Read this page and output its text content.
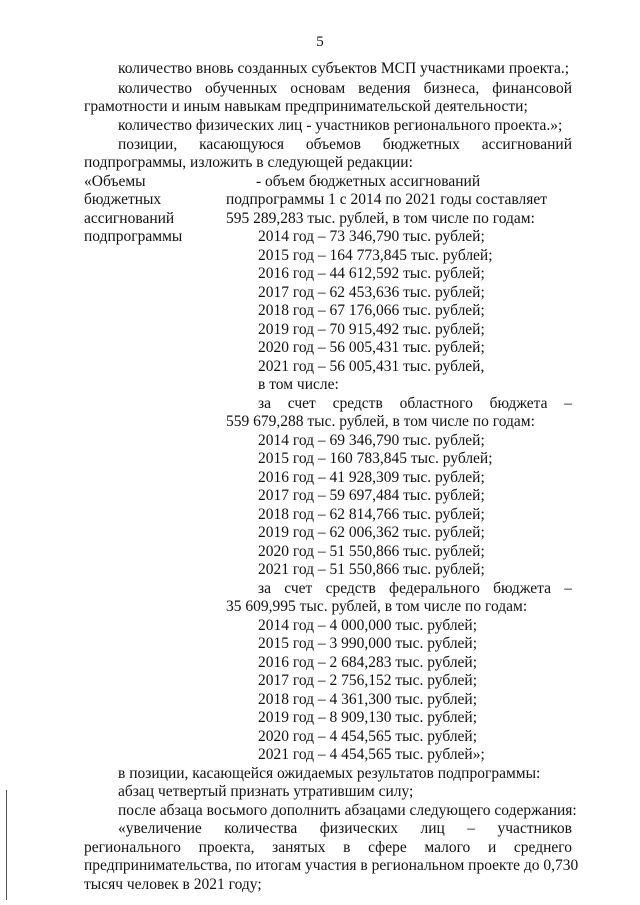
5
количество вновь созданных субъектов МСП участниками проекта.;
количество обученных основам ведения бизнеса, финансовой
грамотности и иным навыкам предпринимательской деятельности;
количество физических лиц - участников регионального проекта.»;
позиции, касающуюся объемов бюджетных ассигнований
подпрограммы, изложить в следующей редакции:
«Объемы
бюджетных
ассигнований
подпрограммы
- объем бюджетных ассигнований
подпрограммы 1 с 2014 по 2021 годы составляет
595 289,283 тыс. рублей, в том числе по годам:
2014 год – 73 346,790 тыс. рублей;
2015 год – 164 773,845 тыс. рублей;
2016 год – 44 612,592 тыс. рублей;
2017 год – 62 453,636 тыс. рублей;
2018 год – 67 176,066 тыс. рублей;
2019 год – 70 915,492 тыс. рублей;
2020 год – 56 005,431 тыс. рублей;
2021 год – 56 005,431 тыс. рублей,
в том числе:
за счет средств областного бюджета –
559 679,288 тыс. рублей, в том числе по годам:
2014 год – 69 346,790 тыс. рублей;
2015 год – 160 783,845 тыс. рублей;
2016 год – 41 928,309 тыс. рублей;
2017 год – 59 697,484 тыс. рублей;
2018 год – 62 814,766 тыс. рублей;
2019 год – 62 006,362 тыс. рублей;
2020 год – 51 550,866 тыс. рублей;
2021 год – 51 550,866 тыс. рублей;
за счет средств федерального бюджета –
35 609,995 тыс. рублей, в том числе по годам:
2014 год – 4 000,000 тыс. рублей;
2015 год – 3 990,000 тыс. рублей;
2016 год – 2 684,283 тыс. рублей;
2017 год – 2 756,152 тыс. рублей;
2018 год – 4 361,300 тыс. рублей;
2019 год – 8 909,130 тыс. рублей;
2020 год – 4 454,565 тыс. рублей;
2021 год – 4 454,565 тыс. рублей»;
в позиции, касающейся ожидаемых результатов подпрограммы:
абзац четвертый признать утратившим силу;
после абзаца восьмого дополнить абзацами следующего содержания:
«увеличение количества физических лиц – участников
регионального проекта, занятых в сфере малого и среднего
предпринимательства, по итогам участия в региональном проекте до 0,730
тысяч человек в 2021 году;
